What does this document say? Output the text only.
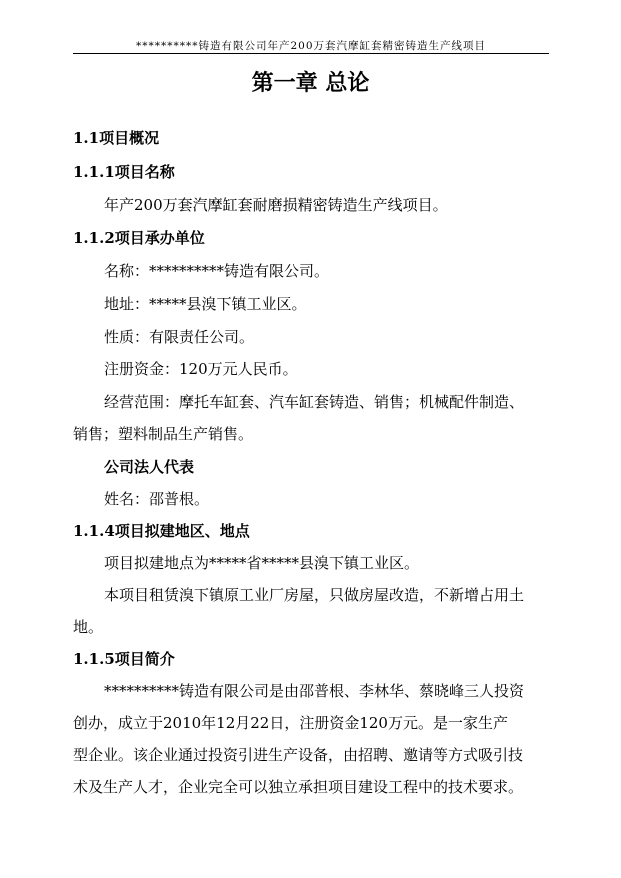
**********铸造有限公司年产200万套汽摩缸套精密铸造生产线项目
第一章 总论
1.1项目概况
1.1.1项目名称
年产200万套汽摩缸套耐磨损精密铸造生产线项目。
1.1.2项目承办单位
名称：**********铸造有限公司。
地址：*****县溴下镇工业区。
性质：有限责任公司。
注册资金：120万元人民币。
经营范围：摩托车缸套、汽车缸套铸造、销售；机械配件制造、
销售；塑料制品生产销售。
公司法人代表
姓名：邵普根。
1.1.4项目拟建地区、地点
项目拟建地点为*****省*****县溴下镇工业区。
本项目租赁溴下镇原工业厂房屋，只做房屋改造，不新增占用土
地。
1.1.5项目简介
**********铸造有限公司是由邵普根、李林华、蔡晓峰三人投资
创办，成立于2010年12月22日，注册资金120万元。是一家生产
型企业。该企业通过投资引进生产设备，由招聘、邀请等方式吸引技
术及生产人才，企业完全可以独立承担项目建设工程中的技术要求。
